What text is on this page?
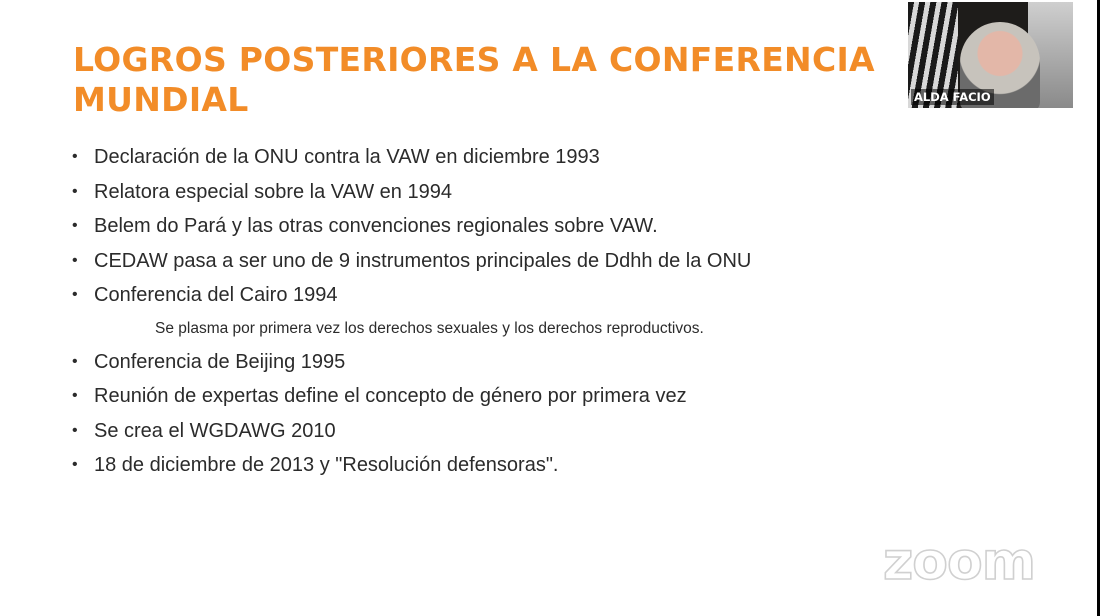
LOGROS POSTERIORES A LA CONFERENCIA MUNDIAL
• Declaración de la ONU contra la VAW en diciembre 1993
• Relatora especial sobre la VAW en 1994
• Belem do Pará y las otras convenciones regionales sobre VAW.
• CEDAW pasa a ser uno de 9 instrumentos principales de Ddhh de la ONU
• Conferencia del Cairo 1994
Se plasma por primera vez los derechos sexuales y los derechos reproductivos.
• Conferencia de Beijing 1995
• Reunión de expertas define el concepto de género por primera vez
• Se crea el WGDAWG 2010
• 18 de diciembre de 2013 y "Resolución defensoras".
zoom
ALDA FACIO
